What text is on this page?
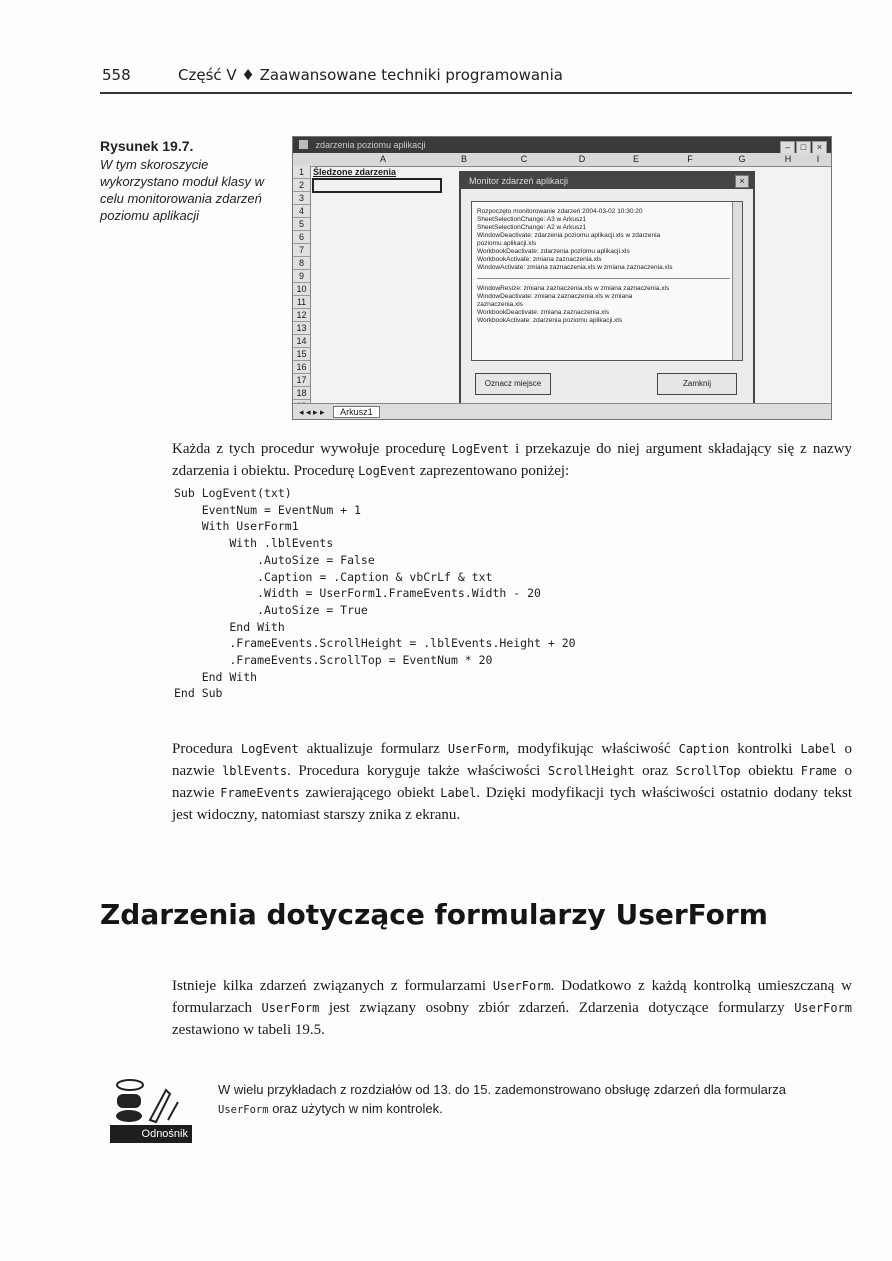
558	Część V ♦ Zaawansowane techniki programowania
Rysunek 19.7.
W tym skoroszycie wykorzystano moduł klasy w celu monitorowania zdarzeń poziomu aplikacji
zdarzenia poziomu aplikacji	– □ ×
A	B	C	D	E	F	G	H	I
1
2
3
4
5
6
7
8
9
10
11
12
13
14
15
16
17
18
Śledzone zdarzenia
Monitor zdarzeń aplikacji	×
Rozpoczęto monitorowanie zdarzeń 2004-03-02 10:30:20
SheetSelectionChange: A3 w Arkusz1
SheetSelectionChange: A2 w Arkusz1
WindowDeactivate: zdarzenia poziomu aplikacji.xls w zdarzenia
poziomu aplikacji.xls
WorkbookDeactivate: zdarzenia poziomu aplikacji.xls
WorkbookActivate: zmiana zaznaczenia.xls
WindowActivate: zmiana zaznaczenia.xls w zmiana zaznaczenia.xls
WindowResize: zmiana zaznaczenia.xls w zmiana zaznaczenia.xls
WindowDeactivate: zmiana zaznaczenia.xls w zmiana
zaznaczenia.xls
WorkbookDeactivate: zmiana zaznaczenia.xls
WorkbookActivate: zdarzenia poziomu aplikacji.xls
Oznacz miejsce	Zamknij
◂ ◂ ▸ ▸ Arkusz1

Każda z tych procedur wywołuje procedurę LogEvent i przekazuje do niej argument składający się z nazwy zdarzenia i obiektu. Procedurę LogEvent zaprezentowano poniżej:

Sub LogEvent(txt)
EventNum = EventNum + 1
With UserForm1
With .lblEvents
.AutoSize = False
.Caption = .Caption & vbCrLf & txt
.Width = UserForm1.FrameEvents.Width - 20
.AutoSize = True
End With
.FrameEvents.ScrollHeight = .lblEvents.Height + 20
.FrameEvents.ScrollTop = EventNum * 20
End With
End Sub

Procedura LogEvent aktualizuje formularz UserForm, modyfikując właściwość Caption kontrolki Label o nazwie lblEvents. Procedura koryguje także właściwości ScrollHeight oraz ScrollTop obiektu Frame o nazwie FrameEvents zawierającego obiekt Label. Dzięki modyfikacji tych właściwości ostatnio dodany tekst jest widoczny, natomiast starszy znika z ekranu.

Zdarzenia dotyczące formularzy UserForm

Istnieje kilka zdarzeń związanych z formularzami UserForm. Dodatkowo z każdą kontrolką umieszczaną w formularzach UserForm jest związany osobny zbiór zdarzeń. Zdarzenia dotyczące formularzy UserForm zestawiono w tabeli 19.5.

Odnośnik

W wielu przykładach z rozdziałów od 13. do 15. zademonstrowano obsługę zdarzeń dla formularza UserForm oraz użytych w nim kontrolek.
